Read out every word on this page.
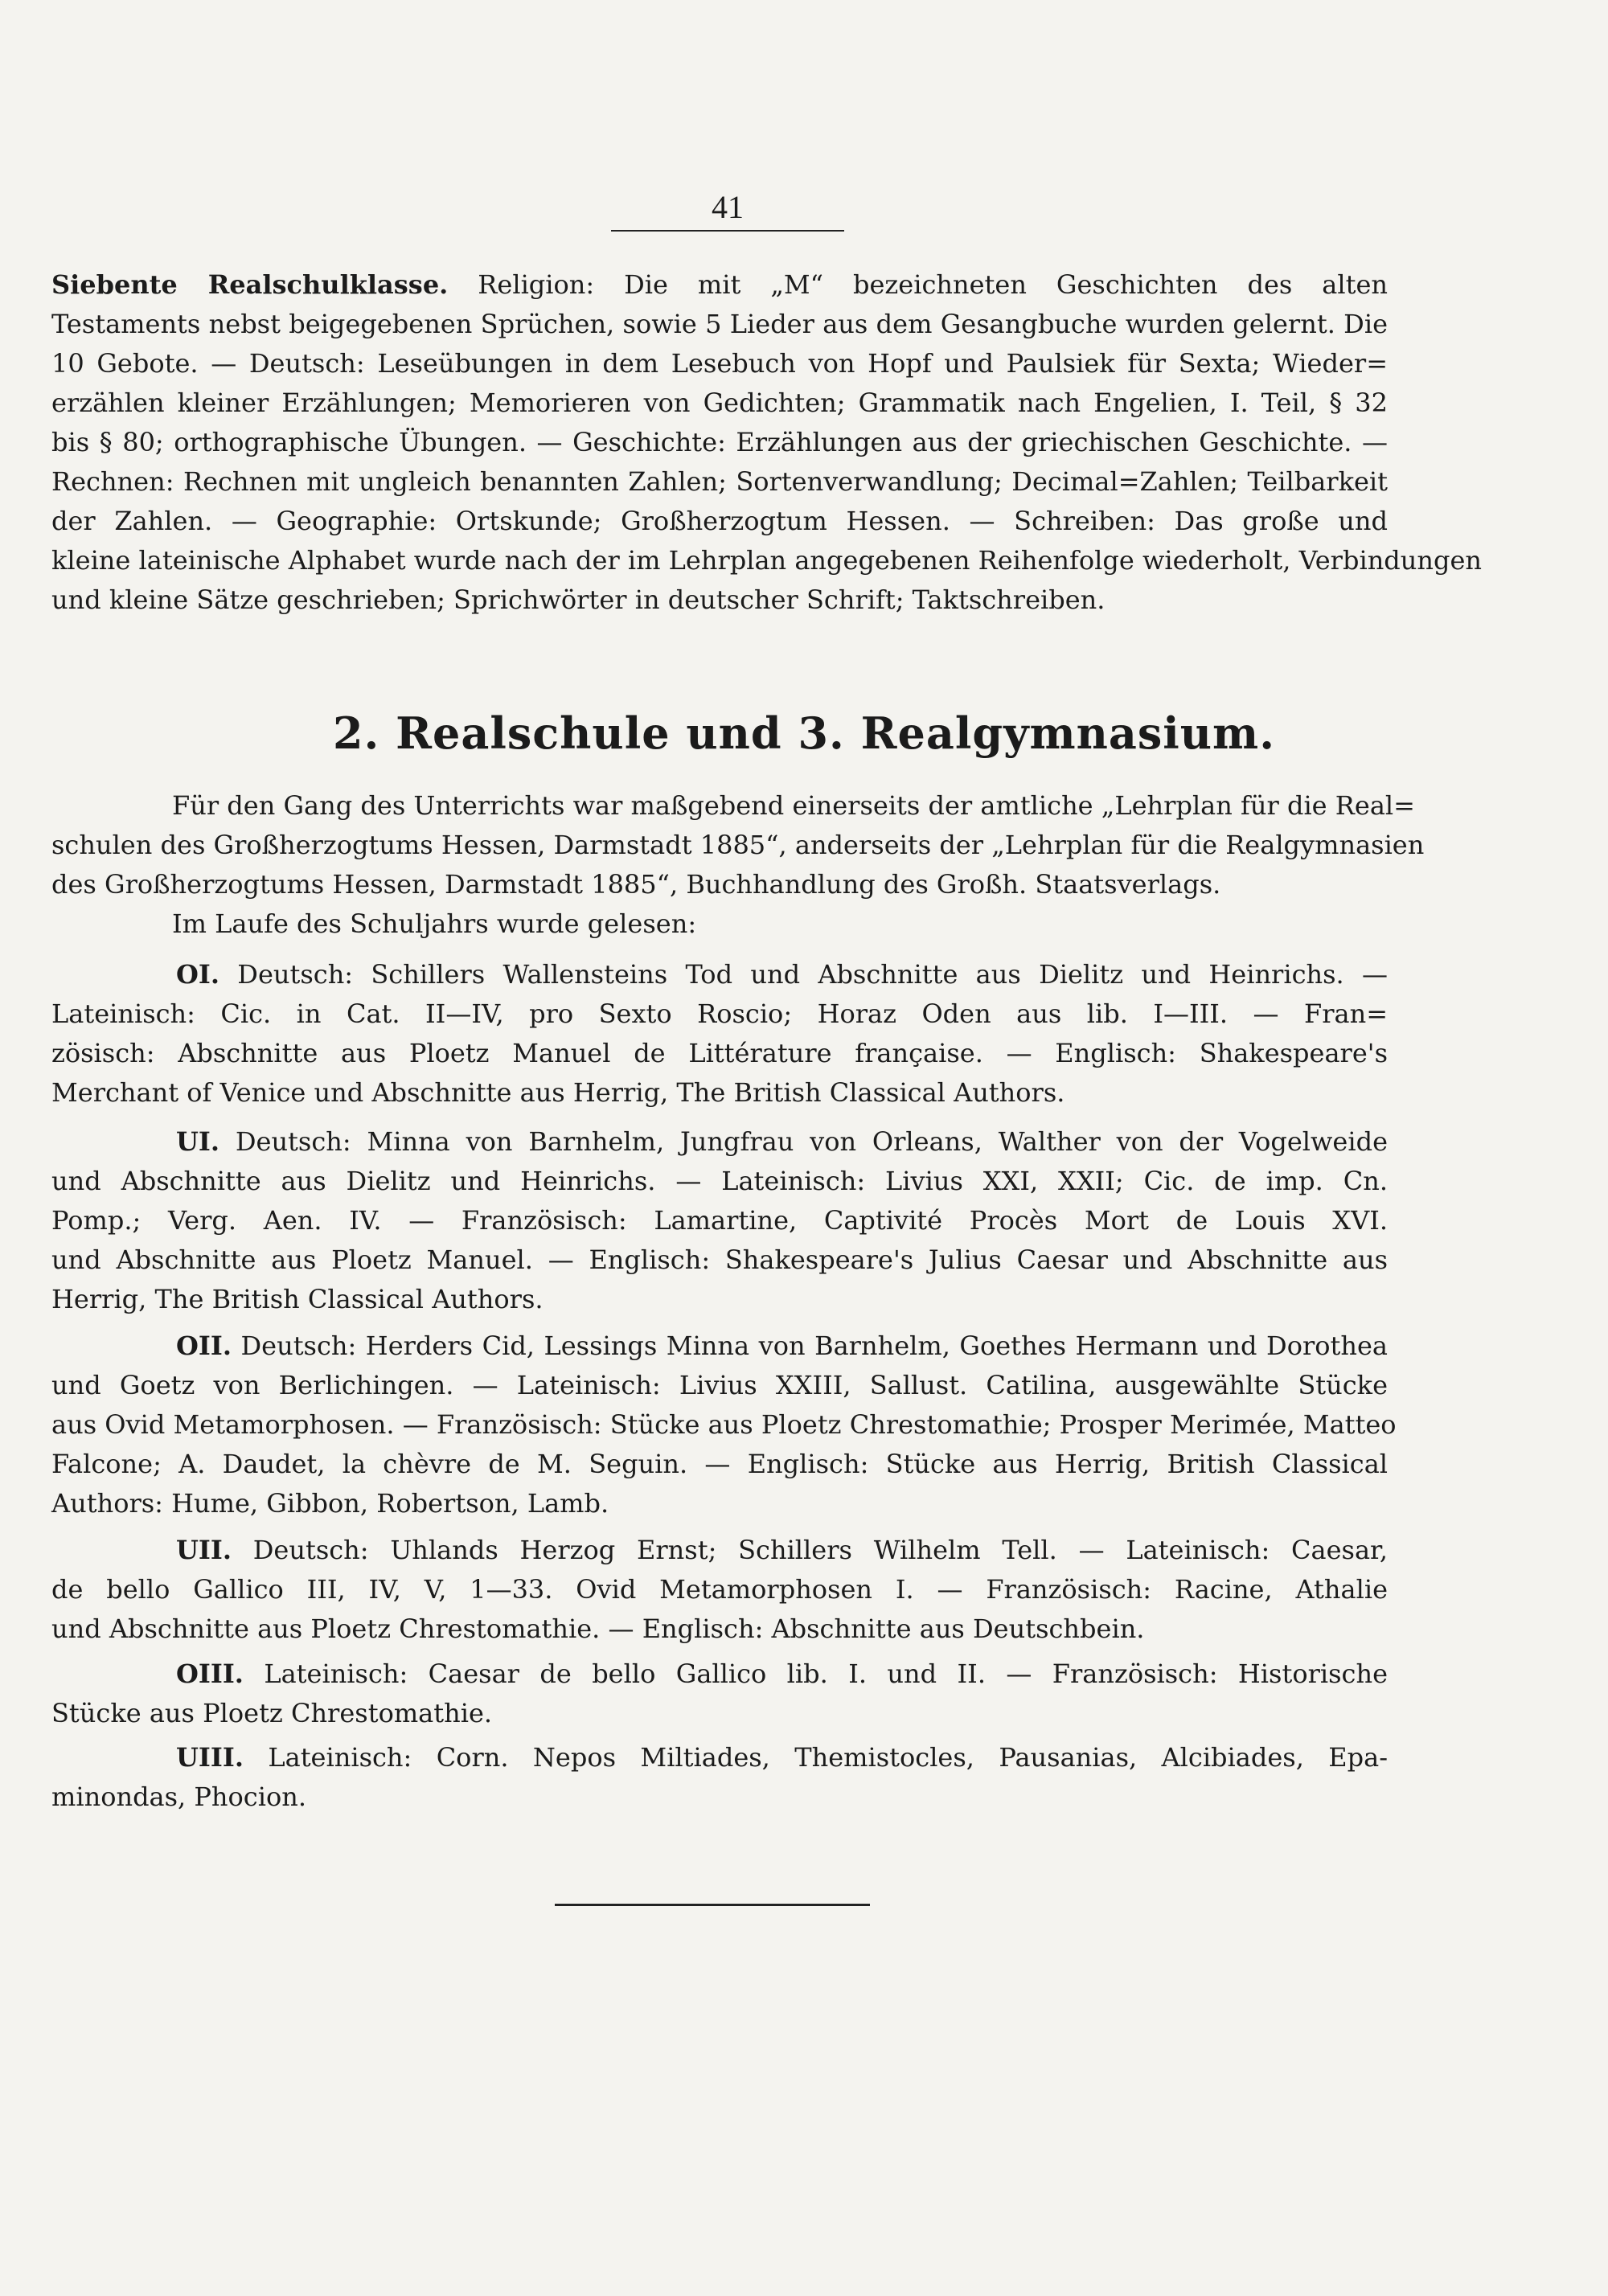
41
Siebente Realschulklasse. Religion: Die mit „M“ bezeichneten Geschichten des alten
Testaments nebst beigegebenen Sprüchen, sowie 5 Lieder aus dem Gesangbuche wurden gelernt. Die
10 Gebote. — Deutsch: Leseübungen in dem Lesebuch von Hopf und Paulsiek für Sexta; Wieder=
erzählen kleiner Erzählungen; Memorieren von Gedichten; Grammatik nach Engelien, I. Teil, § 32
bis § 80; orthographische Übungen. — Geschichte: Erzählungen aus der griechischen Geschichte. —
Rechnen: Rechnen mit ungleich benannten Zahlen; Sortenverwandlung; Decimal=Zahlen; Teilbarkeit
der Zahlen. — Geographie: Ortskunde; Großherzogtum Hessen. — Schreiben: Das große und
kleine lateinische Alphabet wurde nach der im Lehrplan angegebenen Reihenfolge wiederholt, Verbindungen
und kleine Sätze geschrieben; Sprichwörter in deutscher Schrift; Taktschreiben.
2. Realschule und 3. Realgymnasium.
Für den Gang des Unterrichts war maßgebend einerseits der amtliche „Lehrplan für die Real=
schulen des Großherzogtums Hessen, Darmstadt 1885“, anderseits der „Lehrplan für die Realgymnasien
des Großherzogtums Hessen, Darmstadt 1885“, Buchhandlung des Großh. Staatsverlags.
Im Laufe des Schuljahrs wurde gelesen:
OI. Deutsch: Schillers Wallensteins Tod und Abschnitte aus Dielitz und Heinrichs. —
Lateinisch: Cic. in Cat. II—IV, pro Sexto Roscio; Horaz Oden aus lib. I—III. — Fran=
zösisch: Abschnitte aus Ploetz Manuel de Littérature française. — Englisch: Shakespeare's
Merchant of Venice und Abschnitte aus Herrig, The British Classical Authors.
UI. Deutsch: Minna von Barnhelm, Jungfrau von Orleans, Walther von der Vogelweide
und Abschnitte aus Dielitz und Heinrichs. — Lateinisch: Livius XXI, XXII; Cic. de imp. Cn.
Pomp.; Verg. Aen. IV. — Französisch: Lamartine, Captivité Procès Mort de Louis XVI.
und Abschnitte aus Ploetz Manuel. — Englisch: Shakespeare's Julius Caesar und Abschnitte aus
Herrig, The British Classical Authors.
OII. Deutsch: Herders Cid, Lessings Minna von Barnhelm, Goethes Hermann und Dorothea
und Goetz von Berlichingen. — Lateinisch: Livius XXIII, Sallust. Catilina, ausgewählte Stücke
aus Ovid Metamorphosen. — Französisch: Stücke aus Ploetz Chrestomathie; Prosper Merimée, Matteo
Falcone; A. Daudet, la chèvre de M. Seguin. — Englisch: Stücke aus Herrig, British Classical
Authors: Hume, Gibbon, Robertson, Lamb.
UII. Deutsch: Uhlands Herzog Ernst; Schillers Wilhelm Tell. — Lateinisch: Caesar,
de bello Gallico III, IV, V, 1—33. Ovid Metamorphosen I. — Französisch: Racine, Athalie
und Abschnitte aus Ploetz Chrestomathie. — Englisch: Abschnitte aus Deutschbein.
OIII. Lateinisch: Caesar de bello Gallico lib. I. und II. — Französisch: Historische
Stücke aus Ploetz Chrestomathie.
UIII. Lateinisch: Corn. Nepos Miltiades, Themistocles, Pausanias, Alcibiades, Epa-
minondas, Phocion.
